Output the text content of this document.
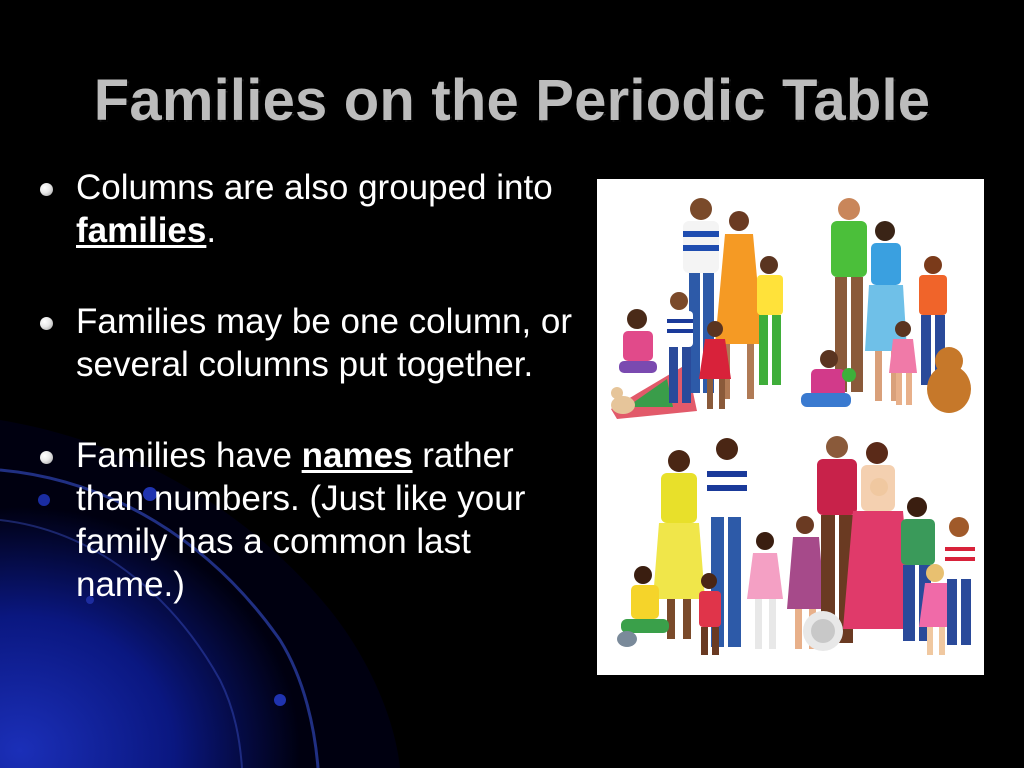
Families on the Periodic Table
Columns are also grouped into families.
Families may be one column, or several columns put together.
Families have names rather than numbers. (Just like your family has a common last name.)
